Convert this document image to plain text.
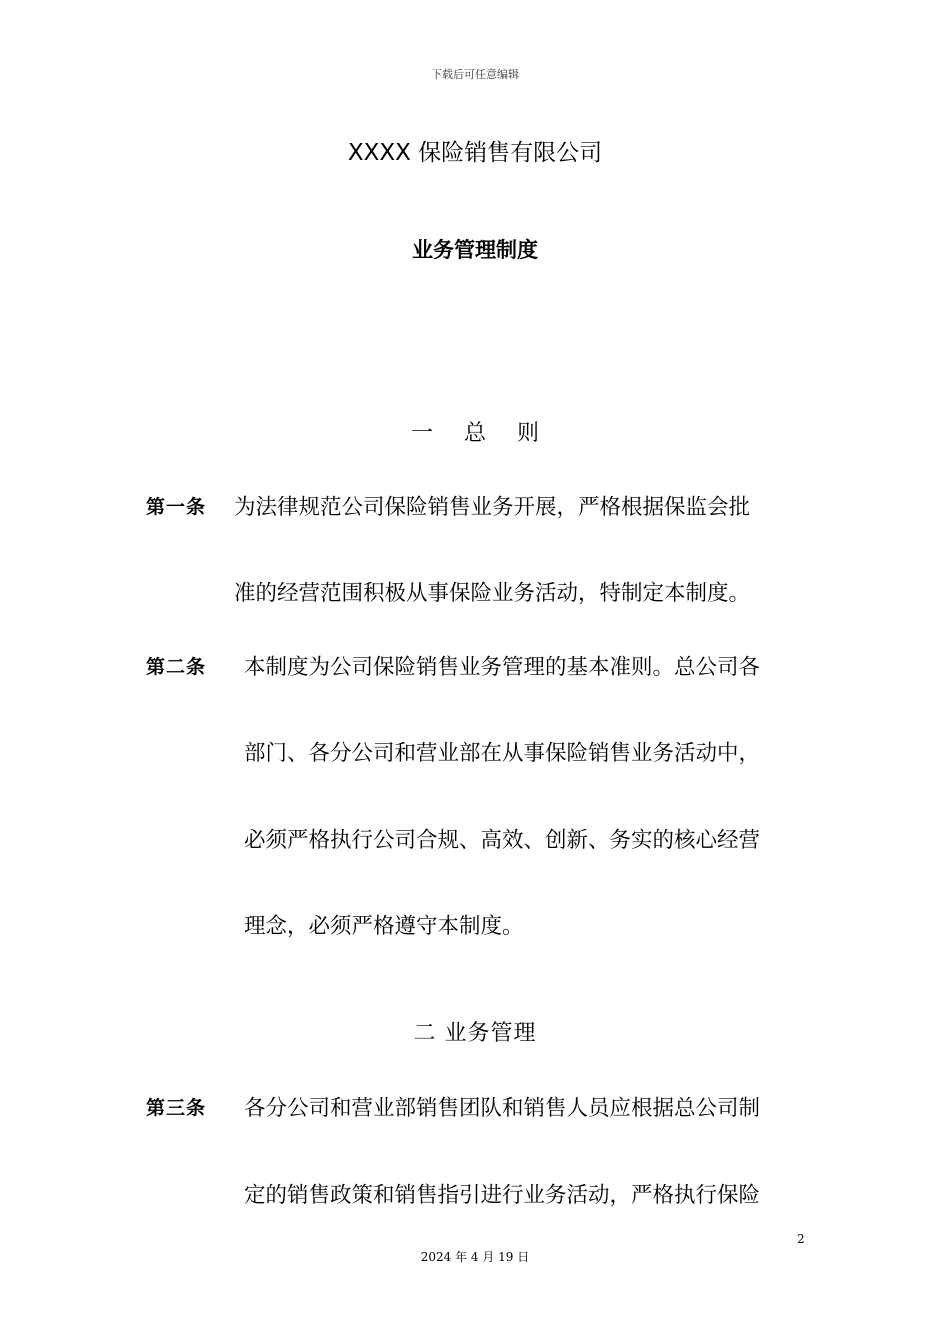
下载后可任意编辑
XXXX 保险销售有限公司
业务管理制度
一 总 则
第一条 为法律规范公司保险销售业务开展，严格根据保监会批
准的经营范围积极从事保险业务活动，特制定本制度。
第二条 本制度为公司保险销售业务管理的基本准则。总公司各
部门、各分公司和营业部在从事保险销售业务活动中，
必须严格执行公司合规、高效、创新、务实的核心经营
理念，必须严格遵守本制度。
二 业务管理
第三条 各分公司和营业部销售团队和销售人员应根据总公司制
定的销售政策和销售指引进行业务活动，严格执行保险
2
2024 年 4 月 19 日
